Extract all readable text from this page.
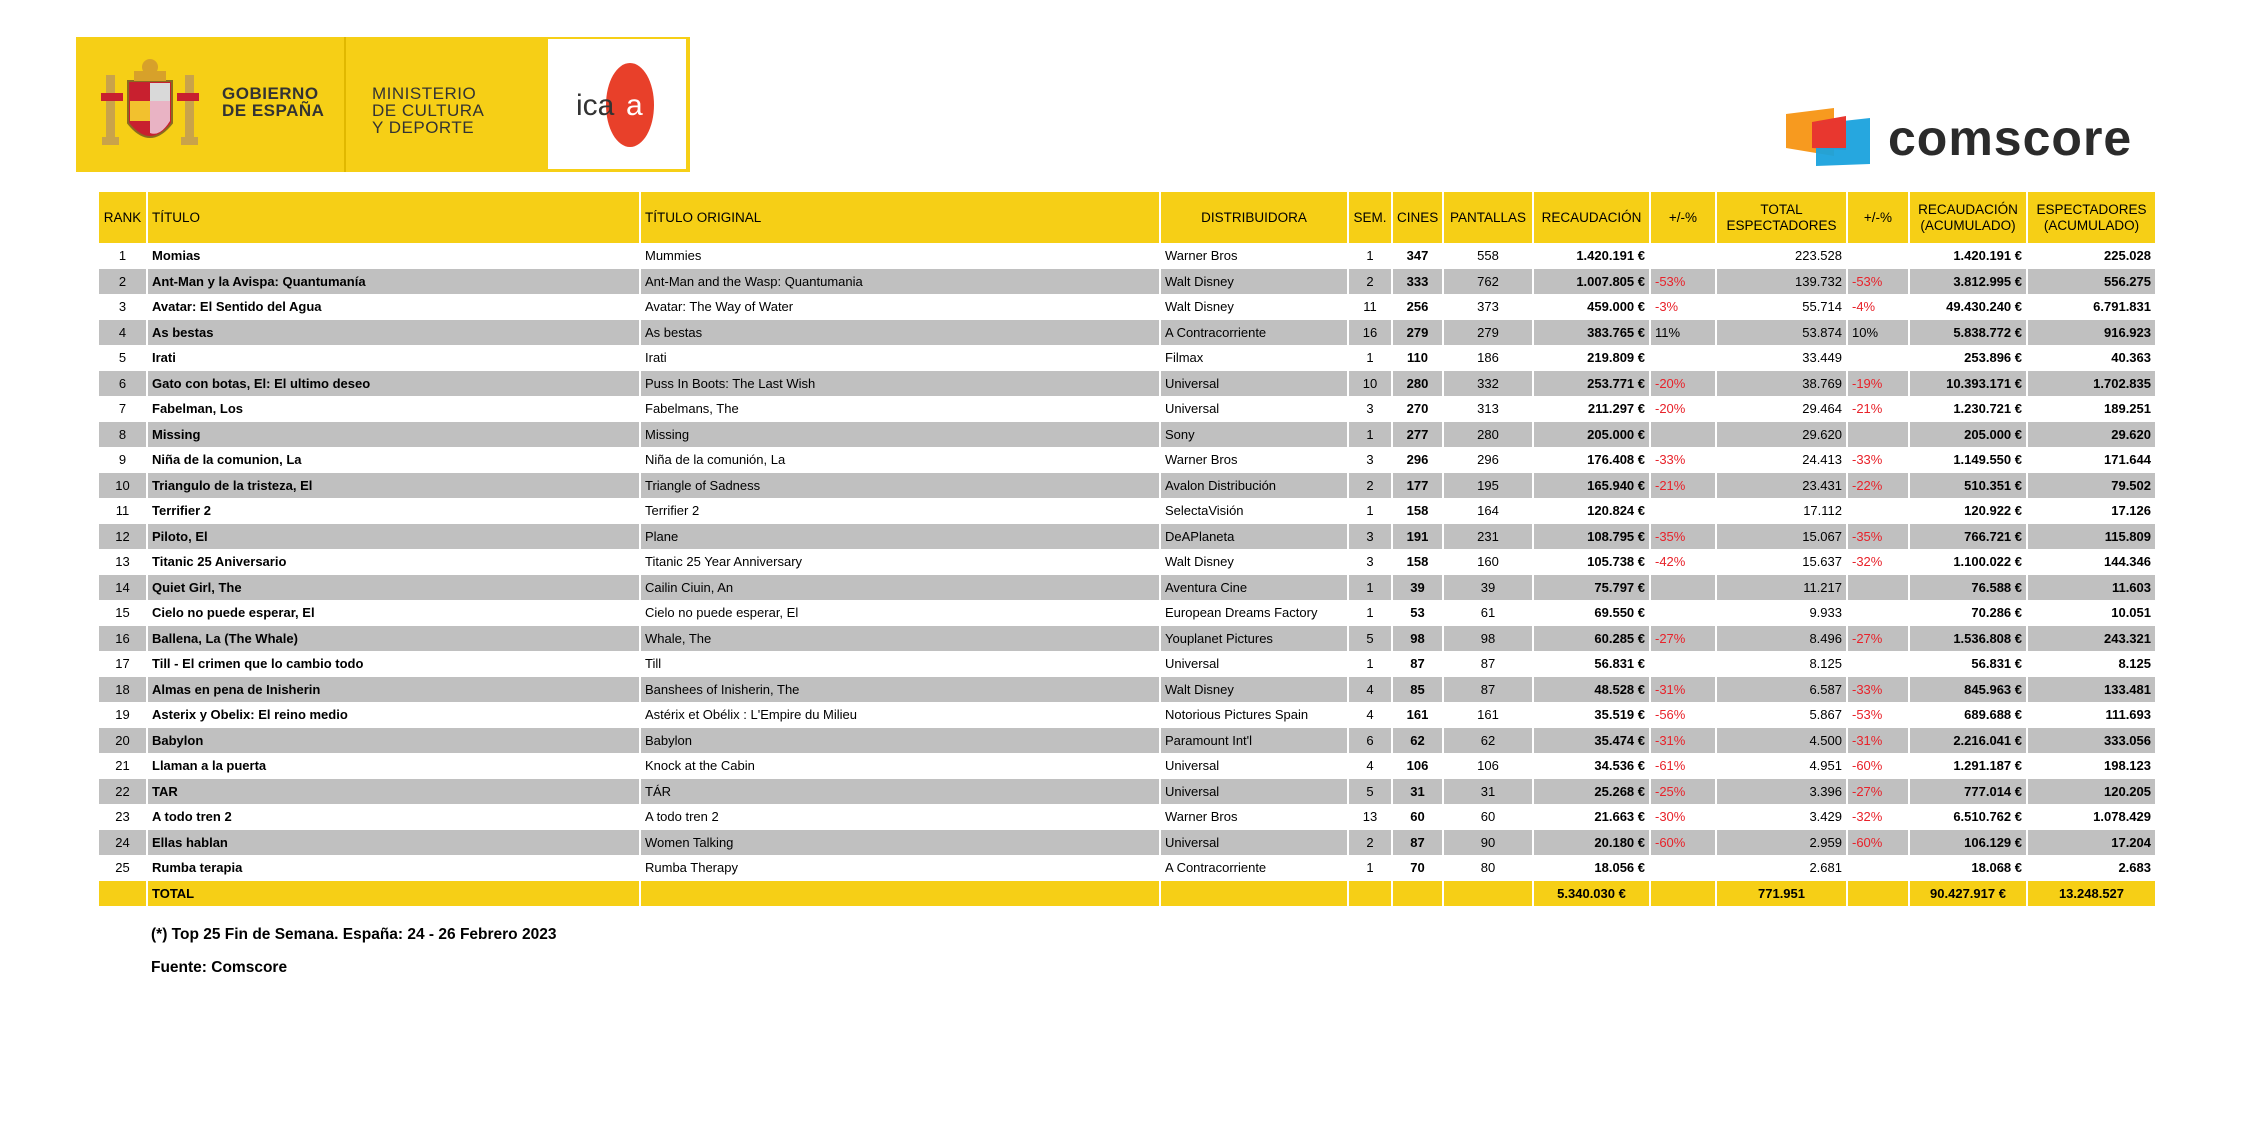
GOBIERNO
DE ESPAÑA
MINISTERIO
DE CULTURA
Y DEPORTE
ica a
comscore
RANK	TÍTULO	TÍTULO ORIGINAL	DISTRIBUIDORA	SEM.	CINES	PANTALLAS	RECAUDACIÓN	+/-%	TOTAL ESPECTADORES	+/-%	RECAUDACIÓN (ACUMULADO)	ESPECTADORES (ACUMULADO)
1	Momias	Mummies	Warner Bros	1	347	558	1.420.191 €		223.528		1.420.191 €	225.028
2	Ant-Man y la Avispa: Quantumanía	Ant-Man and the Wasp: Quantumania	Walt Disney	2	333	762	1.007.805 €	-53%	139.732	-53%	3.812.995 €	556.275
3	Avatar: El Sentido del Agua	Avatar: The Way of Water	Walt Disney	11	256	373	459.000 €	-3%	55.714	-4%	49.430.240 €	6.791.831
4	As bestas	As bestas	A Contracorriente	16	279	279	383.765 €	11%	53.874	10%	5.838.772 €	916.923
5	Irati	Irati	Filmax	1	110	186	219.809 €		33.449		253.896 €	40.363
6	Gato con botas, El: El ultimo deseo	Puss In Boots: The Last Wish	Universal	10	280	332	253.771 €	-20%	38.769	-19%	10.393.171 €	1.702.835
7	Fabelman, Los	Fabelmans, The	Universal	3	270	313	211.297 €	-20%	29.464	-21%	1.230.721 €	189.251
8	Missing	Missing	Sony	1	277	280	205.000 €		29.620		205.000 €	29.620
9	Niña de la comunion, La	Niña de la comunión, La	Warner Bros	3	296	296	176.408 €	-33%	24.413	-33%	1.149.550 €	171.644
10	Triangulo de la tristeza, El	Triangle of Sadness	Avalon Distribución	2	177	195	165.940 €	-21%	23.431	-22%	510.351 €	79.502
11	Terrifier 2	Terrifier 2	SelectaVisión	1	158	164	120.824 €		17.112		120.922 €	17.126
12	Piloto, El	Plane	DeAPlaneta	3	191	231	108.795 €	-35%	15.067	-35%	766.721 €	115.809
13	Titanic 25 Aniversario	Titanic 25 Year Anniversary	Walt Disney	3	158	160	105.738 €	-42%	15.637	-32%	1.100.022 €	144.346
14	Quiet Girl, The	Cailin Ciuin, An	Aventura Cine	1	39	39	75.797 €		11.217		76.588 €	11.603
15	Cielo no puede esperar, El	Cielo no puede esperar, El	European Dreams Factory	1	53	61	69.550 €		9.933		70.286 €	10.051
16	Ballena, La (The Whale)	Whale, The	Youplanet Pictures	5	98	98	60.285 €	-27%	8.496	-27%	1.536.808 €	243.321
17	Till - El crimen que lo cambio todo	Till	Universal	1	87	87	56.831 €		8.125		56.831 €	8.125
18	Almas en pena de Inisherin	Banshees of Inisherin, The	Walt Disney	4	85	87	48.528 €	-31%	6.587	-33%	845.963 €	133.481
19	Asterix y Obelix: El reino medio	Astérix et Obélix : L'Empire du Milieu	Notorious Pictures Spain	4	161	161	35.519 €	-56%	5.867	-53%	689.688 €	111.693
20	Babylon	Babylon	Paramount Int'l	6	62	62	35.474 €	-31%	4.500	-31%	2.216.041 €	333.056
21	Llaman a la puerta	Knock at the Cabin	Universal	4	106	106	34.536 €	-61%	4.951	-60%	1.291.187 €	198.123
22	TAR	TÁR	Universal	5	31	31	25.268 €	-25%	3.396	-27%	777.014 €	120.205
23	A todo tren 2	A todo tren 2	Warner Bros	13	60	60	21.663 €	-30%	3.429	-32%	6.510.762 €	1.078.429
24	Ellas hablan	Women Talking	Universal	2	87	90	20.180 €	-60%	2.959	-60%	106.129 €	17.204
25	Rumba terapia	Rumba Therapy	A Contracorriente	1	70	80	18.056 €		2.681		18.068 €	2.683
	TOTAL						5.340.030 €		771.951		90.427.917 €	13.248.527
(*) Top 25 Fin de Semana. España: 24 - 26 Febrero 2023
Fuente: Comscore
